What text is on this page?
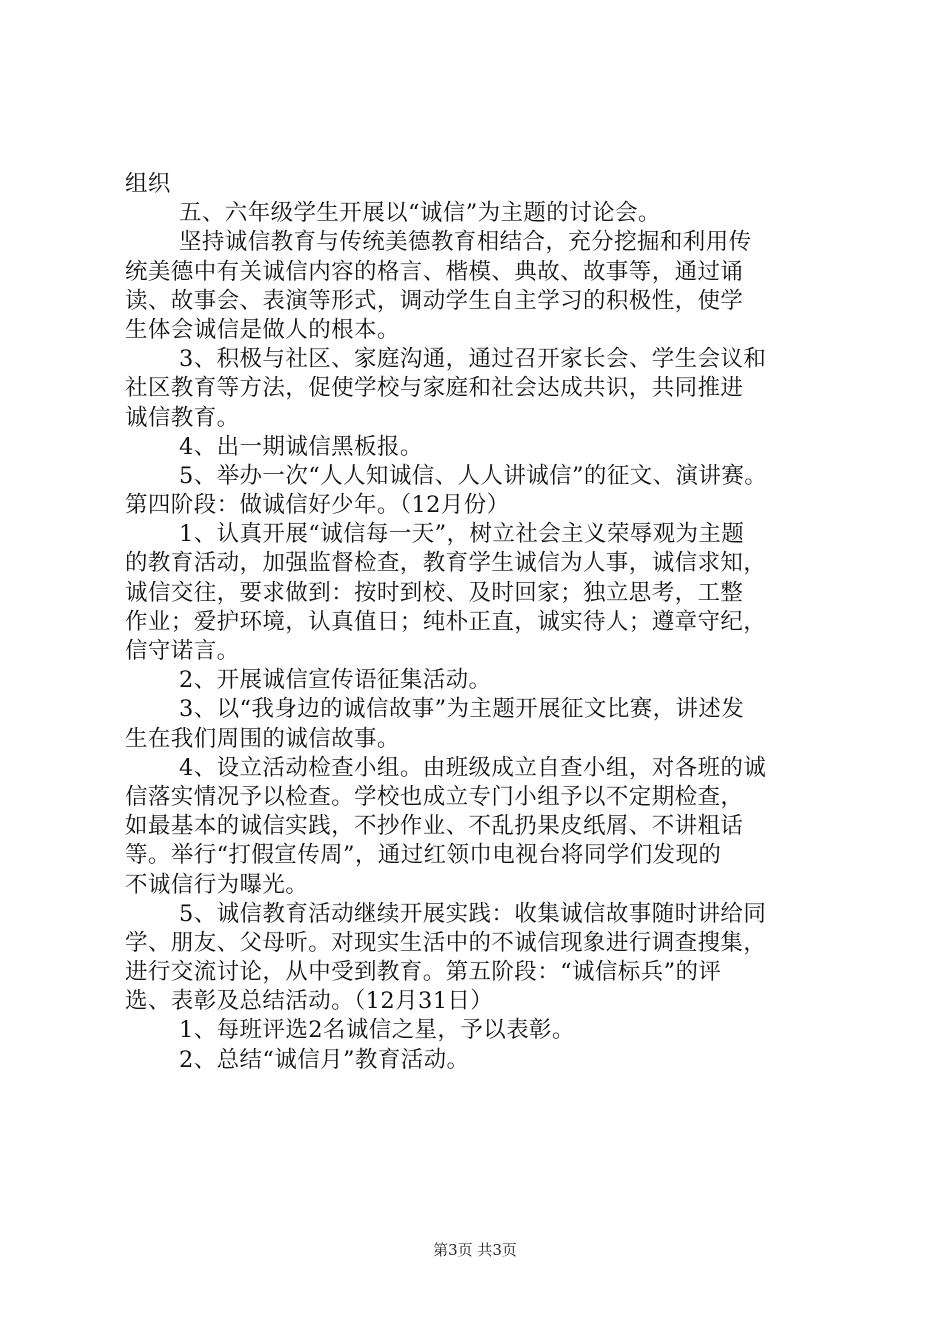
组织
五、六年级学生开展以“诚信”为主题的讨论会。
坚持诚信教育与传统美德教育相结合，充分挖掘和利用传
统美德中有关诚信内容的格言、楷模、典故、故事等，通过诵
读、故事会、表演等形式，调动学生自主学习的积极性，使学
生体会诚信是做人的根本。
3、积极与社区、家庭沟通，通过召开家长会、学生会议和
社区教育等方法，促使学校与家庭和社会达成共识，共同推进
诚信教育。
4、出一期诚信黑板报。
5、举办一次“人人知诚信、人人讲诚信”的征文、演讲赛。
第四阶段：做诚信好少年。（12月份）
1、认真开展“诚信每一天”，树立社会主义荣辱观为主题
的教育活动，加强监督检查，教育学生诚信为人事，诚信求知，
诚信交往，要求做到：按时到校、及时回家；独立思考，工整
作业；爱护环境，认真值日；纯朴正直，诚实待人；遵章守纪，
信守诺言。
2、开展诚信宣传语征集活动。
3、以“我身边的诚信故事”为主题开展征文比赛，讲述发
生在我们周围的诚信故事。
4、设立活动检查小组。由班级成立自查小组，对各班的诚
信落实情况予以检查。学校也成立专门小组予以不定期检查，
如最基本的诚信实践，不抄作业、不乱扔果皮纸屑、不讲粗话
等。举行“打假宣传周”，通过红领巾电视台将同学们发现的
不诚信行为曝光。
5、诚信教育活动继续开展实践：收集诚信故事随时讲给同
学、朋友、父母听。对现实生活中的不诚信现象进行调查搜集，
进行交流讨论，从中受到教育。第五阶段：“诚信标兵”的评
选、表彰及总结活动。（12月31日）
1、每班评选2名诚信之星，予以表彰。
2、总结“诚信月”教育活动。
第3页 共3页
